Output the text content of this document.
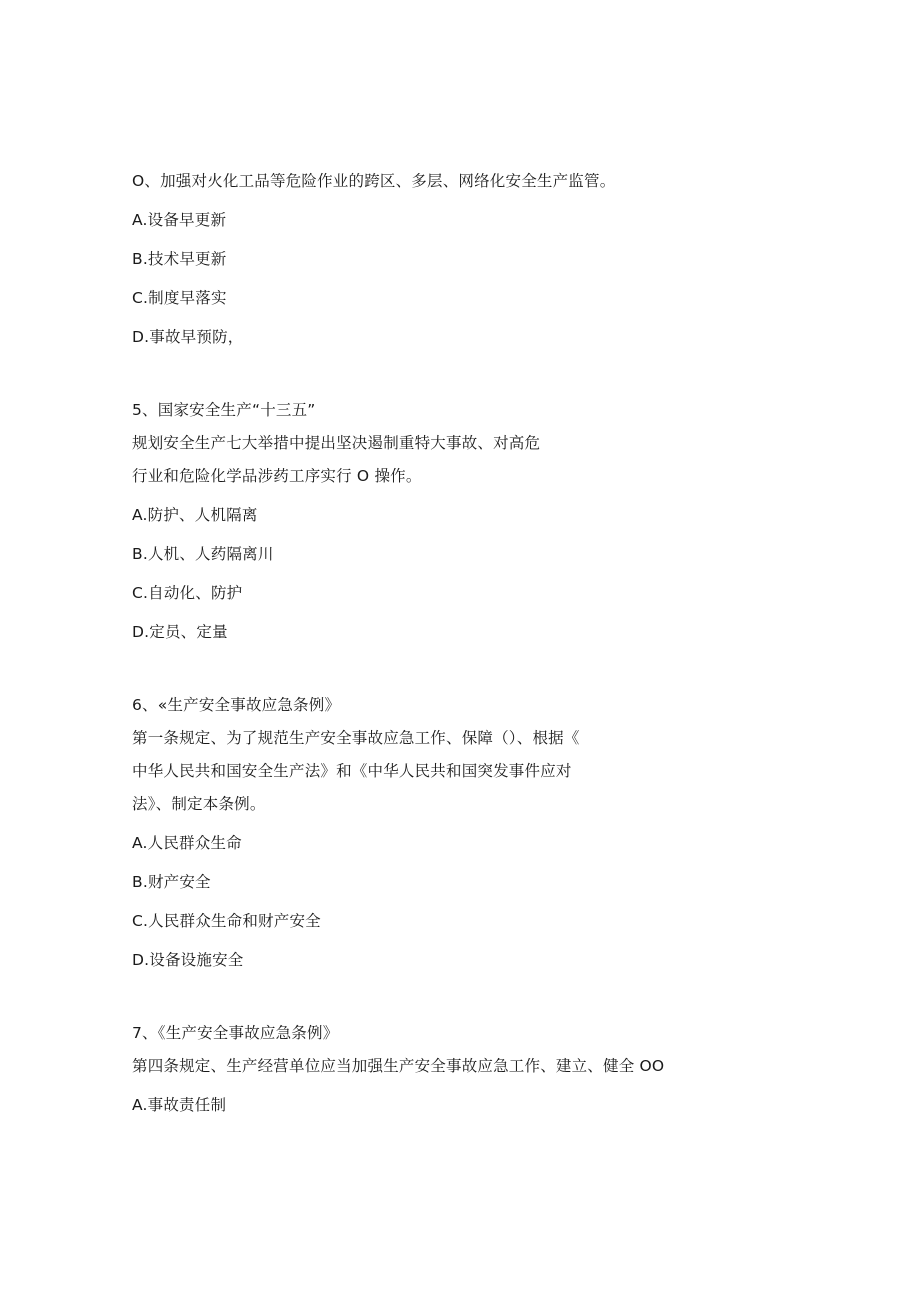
O、加强对火化工品等危险作业的跨区、多层、网络化安全生产监管。
A.设备早更新
B.技术早更新
C.制度早落实
D.事故早预防，
5、国家安全生产“十三五”
规划安全生产七大举措中提出坚决遏制重特大事故、对高危
行业和危险化学品涉药工序实行 O 操作。
A.防护、人机隔离
B.人机、人药隔离川
C.自动化、防护
D.定员、定量
6、«生产安全事故应急条例》
第一条规定、为了规范生产安全事故应急工作、保障（）、根据《
中华人民共和国安全生产法》和《中华人民共和国突发事件应对
法》、制定本条例。
A.人民群众生命
B.财产安全
C.人民群众生命和财产安全
D.设备设施安全
7、《生产安全事故应急条例》
第四条规定、生产经营单位应当加强生产安全事故应急工作、建立、健全 OO
A.事故责任制
